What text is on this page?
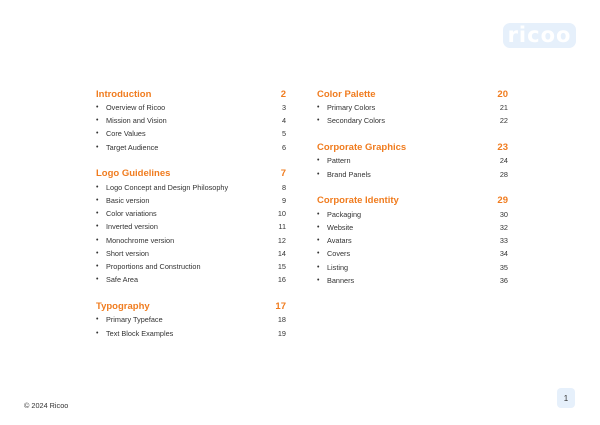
ricoo
Introduction	2
•	Overview of Ricoo	3
•	Mission and Vision	4
•	Core Values	5
•	Target Audience	6
Logo Guidelines	7
•	Logo Concept and Design Philosophy	8
•	Basic version	9
•	Color variations	10
•	Inverted version	11
•	Monochrome version	12
•	Short version	14
•	Proportions and Construction	15
•	Safe Area	16
Typography	17
•	Primary Typeface	18
•	Text Block Examples	19
Color Palette	20
•	Primary Colors	21
•	Secondary Colors	22
Corporate Graphics	23
•	Pattern	24
•	Brand Panels	28
Corporate Identity	29
•	Packaging	30
•	Website	32
•	Avatars	33
•	Covers	34
•	Listing	35
•	Banners	36
© 2024 Ricoo
1
